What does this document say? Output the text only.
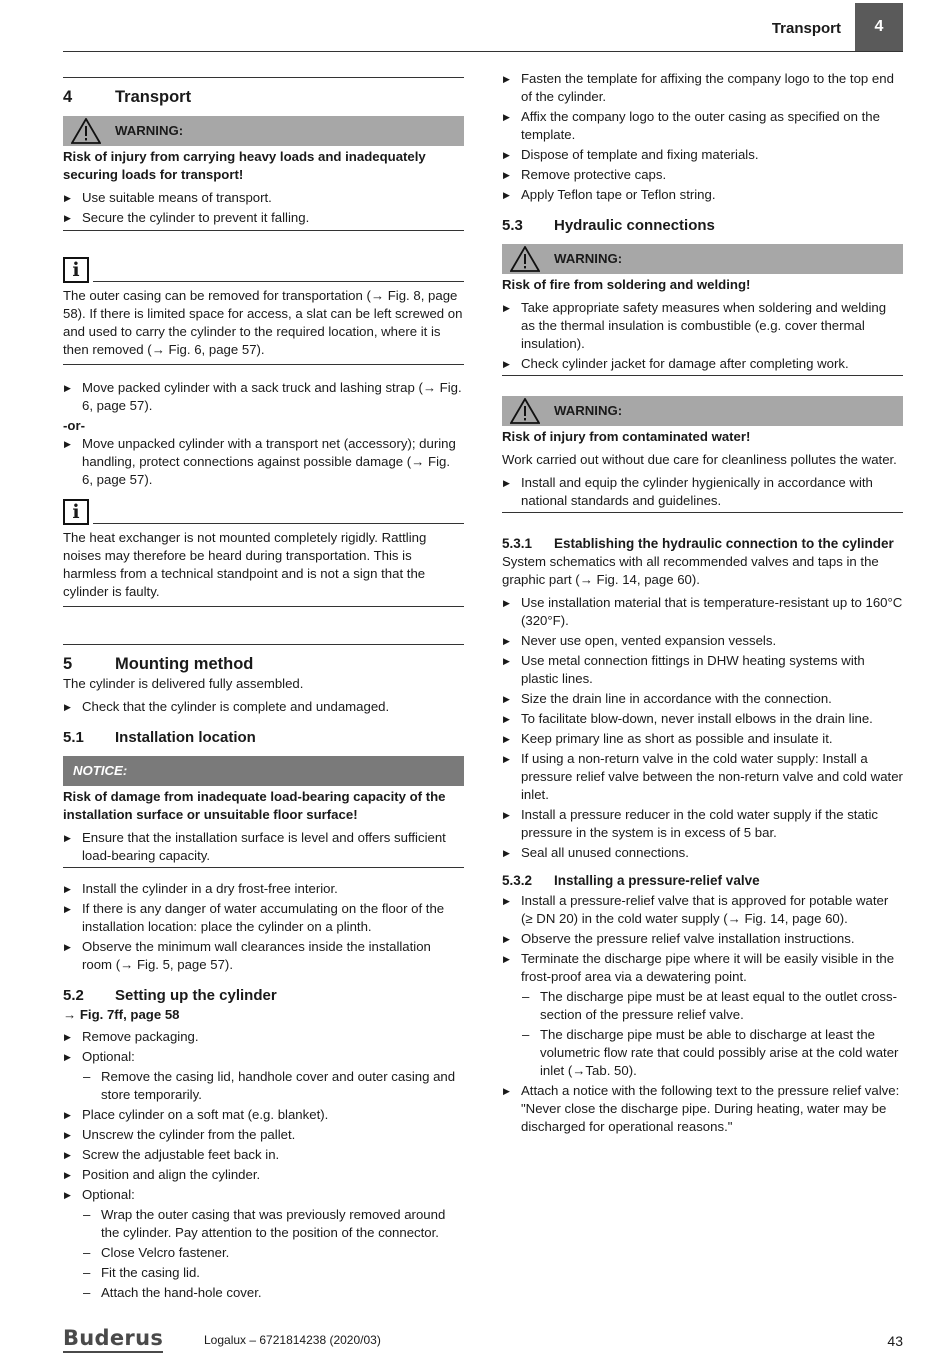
Transport	4
4	Transport
WARNING:

Risk of injury from carrying heavy loads and inadequately securing loads for transport!

▶ Use suitable means of transport.
▶ Secure the cylinder to prevent it falling.
i

The outer casing can be removed for transportation (→ Fig. 8, page 58). If there is limited space for access, a slat can be left screwed on and used to carry the cylinder to the required location, where it is then removed (→ Fig. 6, page 57).

▶ Move packed cylinder with a sack truck and lashing strap (→ Fig. 6, page 57).

-or-

▶ Move unpacked cylinder with a transport net (accessory); during handling, protect connections against possible damage (→ Fig. 6, page 57).
i

The heat exchanger is not mounted completely rigidly. Rattling noises may therefore be heard during transportation. This is harmless from a technical standpoint and is not a sign that the cylinder is faulty.

5	Mounting method

The cylinder is delivered fully assembled.

▶ Check that the cylinder is complete and undamaged.
5.1 Installation location
NOTICE:

Risk of damage from inadequate load-bearing capacity of the installation surface or unsuitable floor surface!

▶ Ensure that the installation surface is level and offers sufficient load-bearing capacity.
▶ Install the cylinder in a dry frost-free interior.
▶ If there is any danger of water accumulating on the floor of the installation location: place the cylinder on a plinth.
▶ Observe the minimum wall clearances inside the installation room (→ Fig. 5, page 57).
5.2 Setting up the cylinder

→ Fig. 7ff, page 58

▶ Remove packaging.
▶ Optional:
– Remove the casing lid, handhole cover and outer casing and store temporarily.
▶ Place cylinder on a soft mat (e.g. blanket).
▶ Unscrew the cylinder from the pallet.
▶ Screw the adjustable feet back in.
▶ Position and align the cylinder.
▶ Optional:
– Wrap the outer casing that was previously removed around the cylinder. Pay attention to the position of the connector.
– Close Velcro fastener.
– Fit the casing lid.
– Attach the hand-hole cover.
▶ Fasten the template for affixing the company logo to the top end of the cylinder.
▶ Affix the company logo to the outer casing as specified on the template.
▶ Dispose of template and fixing materials.
▶ Remove protective caps.
▶ Apply Teflon tape or Teflon string.
5.3 Hydraulic connections
WARNING:

Risk of fire from soldering and welding!

▶ Take appropriate safety measures when soldering and welding as the thermal insulation is combustible (e.g. cover thermal insulation).
▶ Check cylinder jacket for damage after completing work.
WARNING:

Risk of injury from contaminated water!

Work carried out without due care for cleanliness pollutes the water.

▶ Install and equip the cylinder hygienically in accordance with national standards and guidelines.
5.3.1 Establishing the hydraulic connection to the cylinder

System schematics with all recommended valves and taps in the graphic part (→ Fig. 14, page 60).

▶ Use installation material that is temperature-resistant up to 160°C (320°F).
▶ Never use open, vented expansion vessels.
▶ Use metal connection fittings in DHW heating systems with plastic lines.
▶ Size the drain line in accordance with the connection.
▶ To facilitate blow-down, never install elbows in the drain line.
▶ Keep primary line as short as possible and insulate it.
▶ If using a non-return valve in the cold water supply: Install a pressure relief valve between the non-return valve and cold water inlet.
▶ Install a pressure reducer in the cold water supply if the static pressure in the system is in excess of 5 bar.
▶ Seal all unused connections.
5.3.2 Installing a pressure-relief valve
▶ Install a pressure-relief valve that is approved for potable water (≥ DN 20) in the cold water supply (→ Fig. 14, page 60).
▶ Observe the pressure relief valve installation instructions.
▶ Terminate the discharge pipe where it will be easily visible in the frost-proof area via a dewatering point.
– The discharge pipe must be at least equal to the outlet cross-section of the pressure relief valve.
– The discharge pipe must be able to discharge at least the volumetric flow rate that could possibly arise at the cold water inlet (→Tab. 50).
▶ Attach a notice with the following text to the pressure relief valve: "Never close the discharge pipe. During heating, water may be discharged for operational reasons."
Buderus	Logalux – 6721814238 (2020/03)	43
